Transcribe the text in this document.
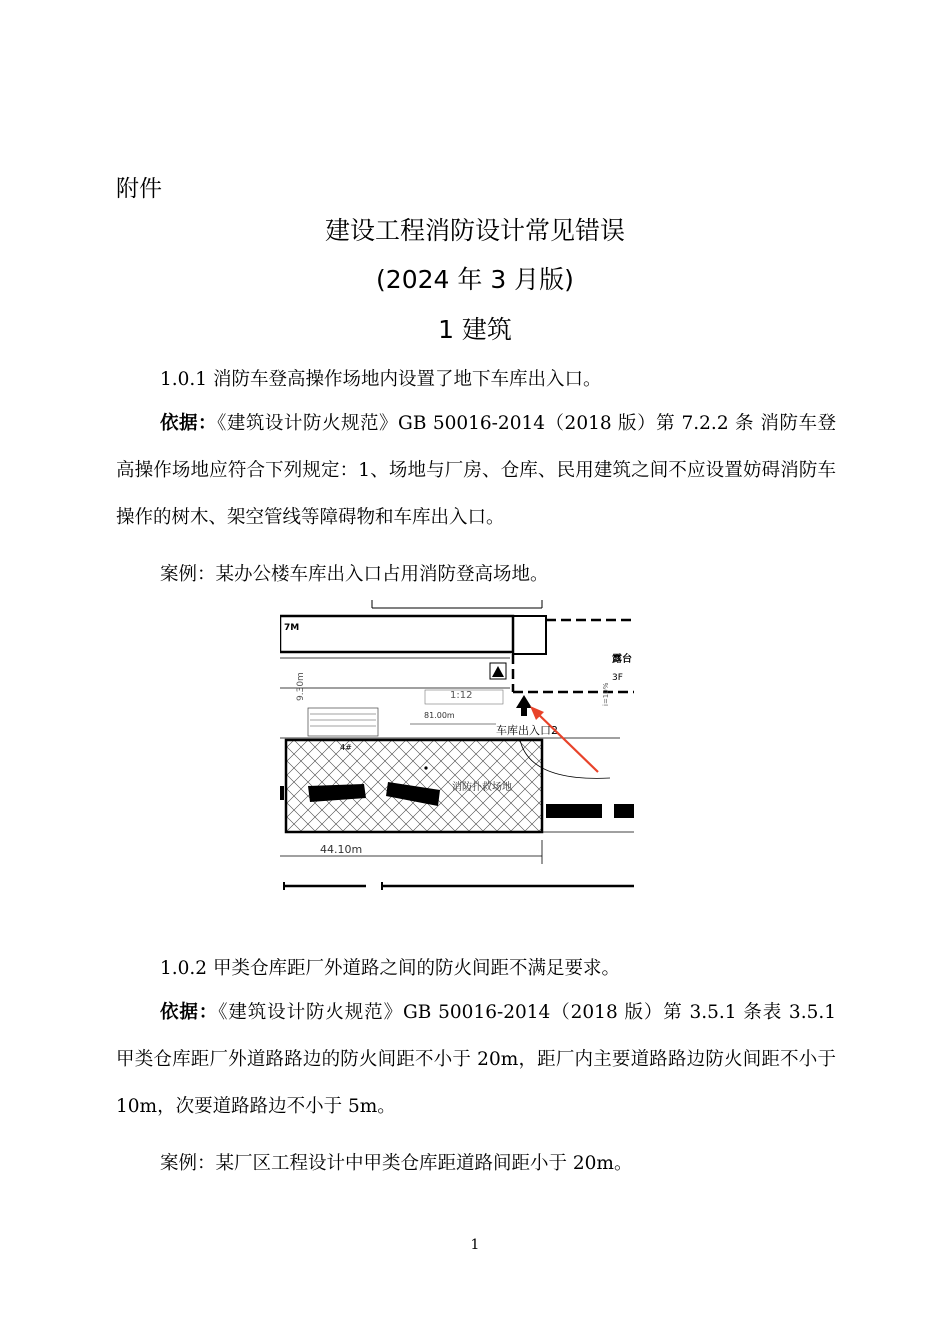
附件
建设工程消防设计常见错误
(2024 年 3 月版)
1 建筑
1.0.1 消防车登高操作场地内设置了地下车库出入口。
依据：《建筑设计防火规范》GB 50016-2014（2018 版）第 7.2.2 条 消防车登高操作场地应符合下列规定：1、场地与厂房、仓库、民用建筑之间不应设置妨碍消防车操作的树木、架空管线等障碍物和车库出入口。
案例：某办公楼车库出入口占用消防登高场地。
7M
露台
3F
1:12
81.00m
车库出入口2
9.30m	i=10%
4#
消防扑救场地
44.10m
1.0.2 甲类仓库距厂外道路之间的防火间距不满足要求。
依据：《建筑设计防火规范》GB 50016-2014（2018 版）第 3.5.1 条表 3.5.1 甲类仓库距厂外道路路边的防火间距不小于 20m，距厂内主要道路路边防火间距不小于 10m，次要道路路边不小于 5m。
案例：某厂区工程设计中甲类仓库距道路间距小于 20m。
1
